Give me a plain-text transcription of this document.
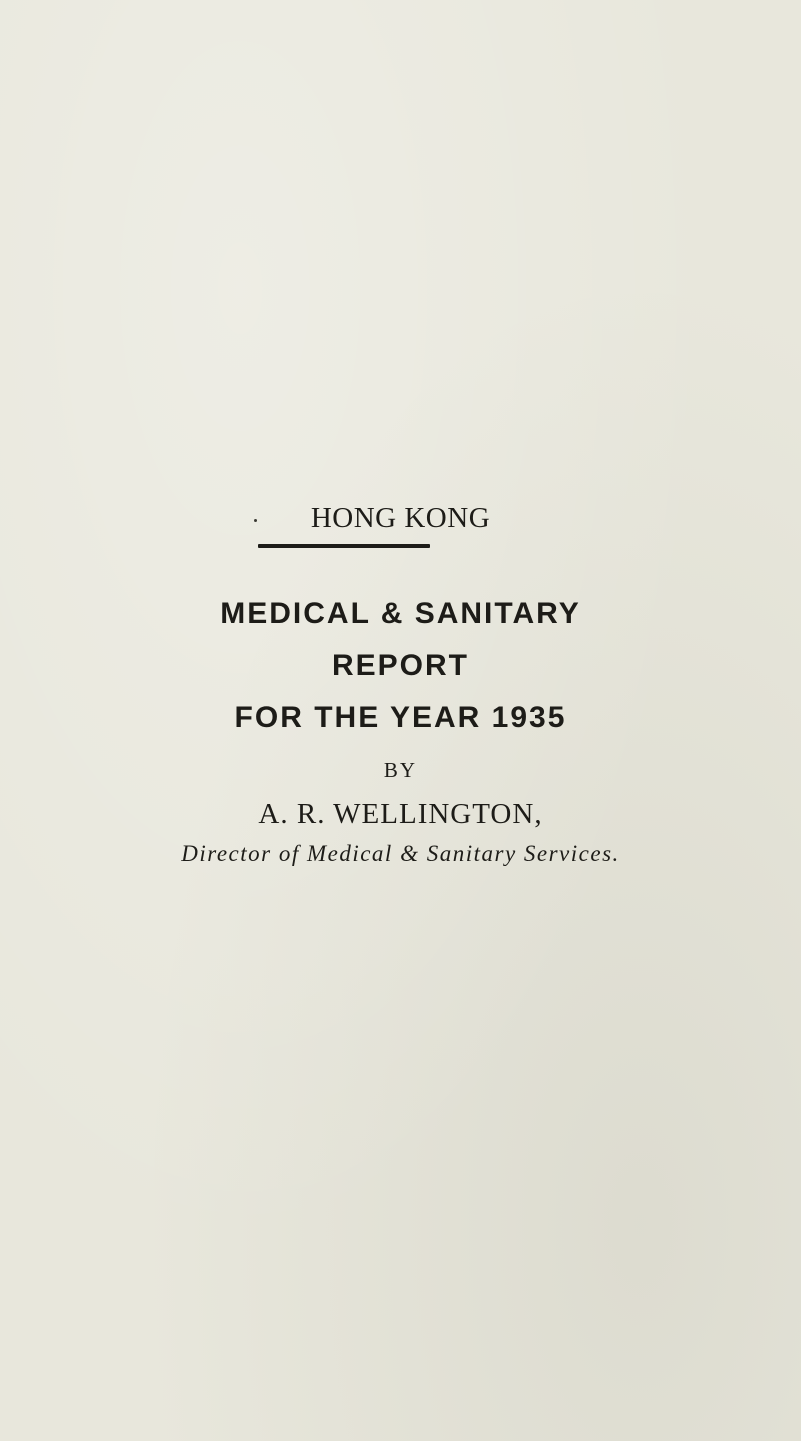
HONG KONG
MEDICAL & SANITARY
REPORT
FOR THE YEAR 1935
BY
A. R. WELLINGTON,
Director of Medical & Sanitary Services.
